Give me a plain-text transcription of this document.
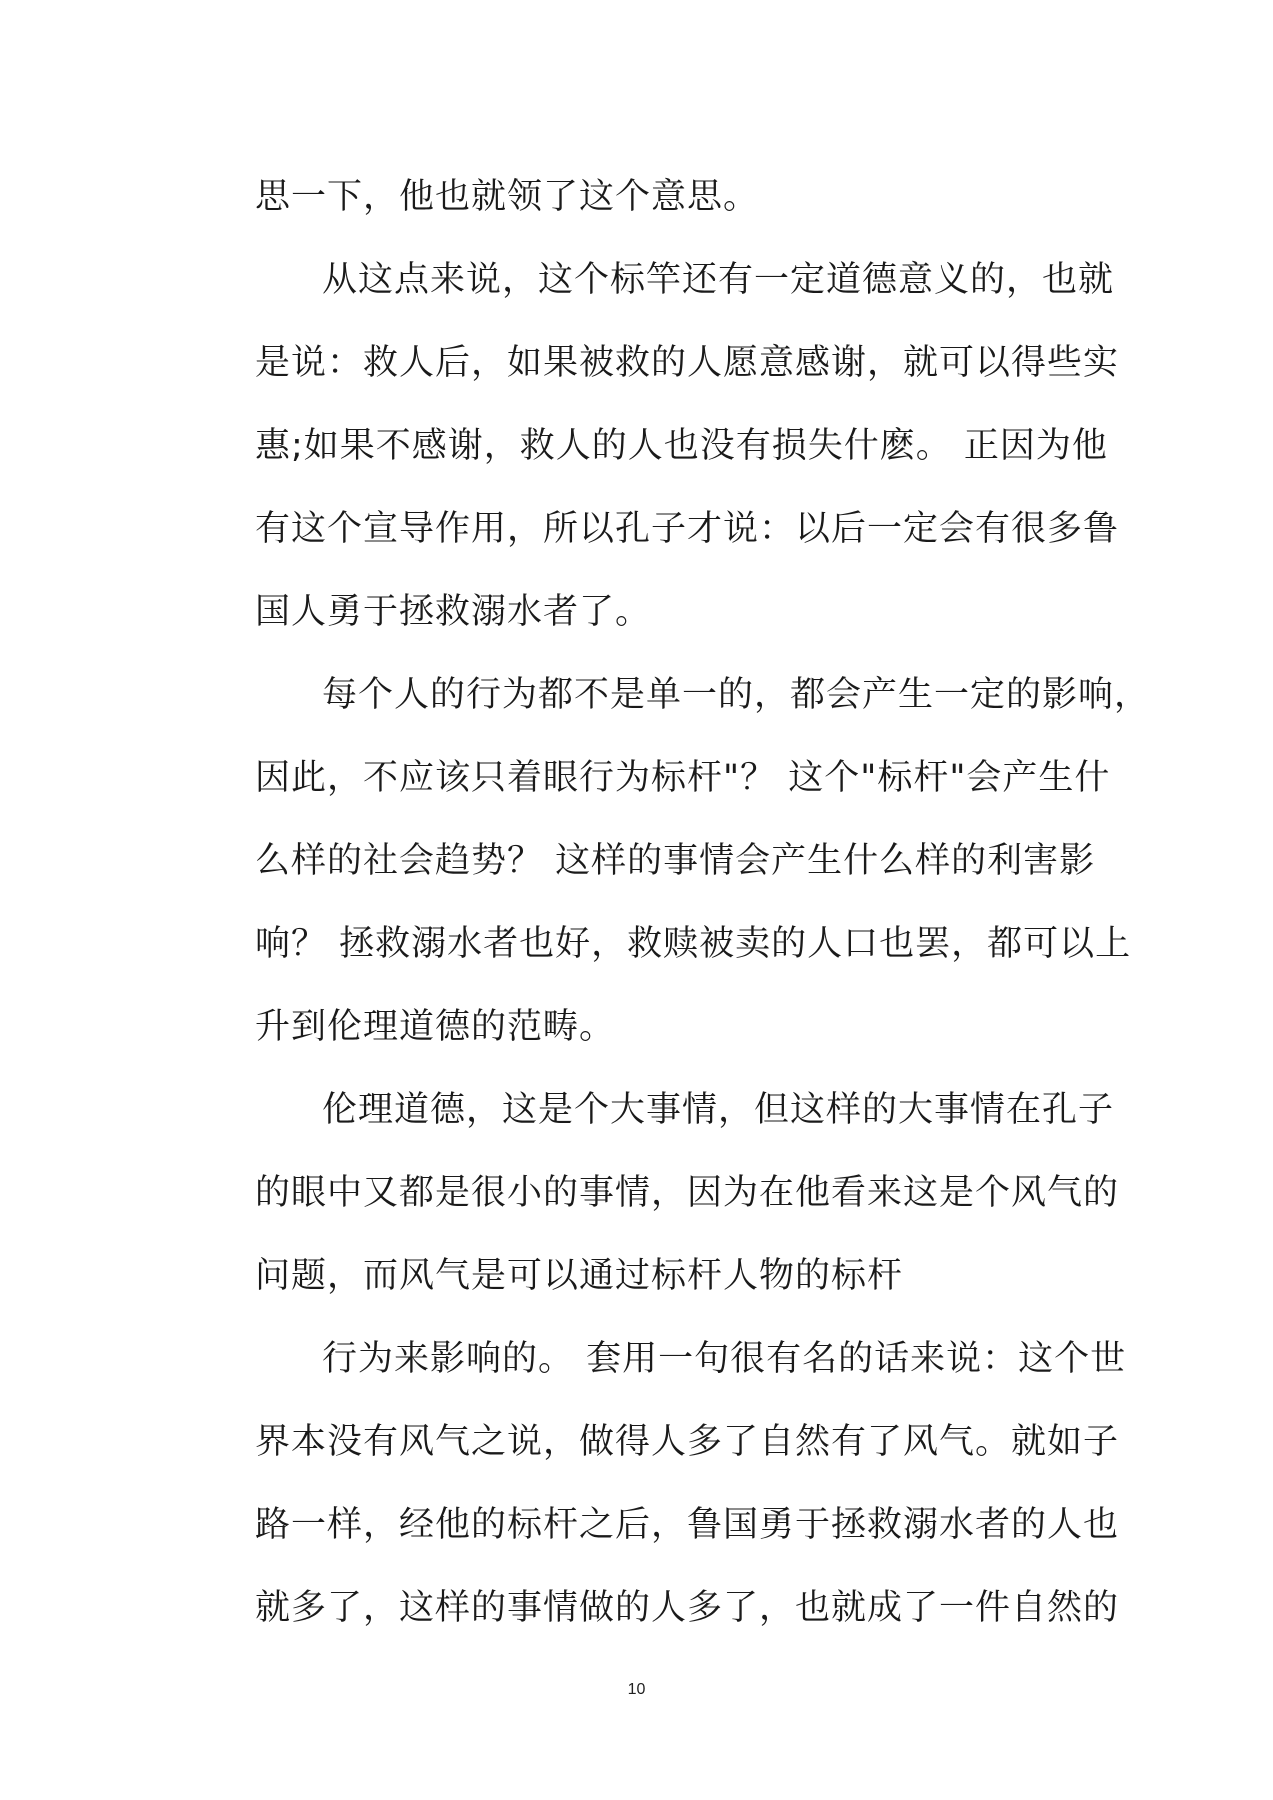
思一下，他也就领了这个意思。
从这点来说，这个标竿还有一定道德意义的，也就
是说：救人后，如果被救的人愿意感谢，就可以得些实
惠;如果不感谢，救人的人也没有损失什麽。 正因为他
有这个宣导作用，所以孔子才说：以后一定会有很多鲁
国人勇于拯救溺水者了。
每个人的行为都不是单一的，都会产生一定的影响，
因此，不应该只着眼行为标杆"？ 这个"标杆"会产生什
么样的社会趋势？ 这样的事情会产生什么样的利害影
响？ 拯救溺水者也好，救赎被卖的人口也罢，都可以上
升到伦理道德的范畴。
伦理道德，这是个大事情，但这样的大事情在孔子
的眼中又都是很小的事情，因为在他看来这是个风气的
问题，而风气是可以通过标杆人物的标杆
行为来影响的。 套用一句很有名的话来说：这个世
界本没有风气之说，做得人多了自然有了风气。就如子
路一样，经他的标杆之后，鲁国勇于拯救溺水者的人也
就多了，这样的事情做的人多了，也就成了一件自然的
10
